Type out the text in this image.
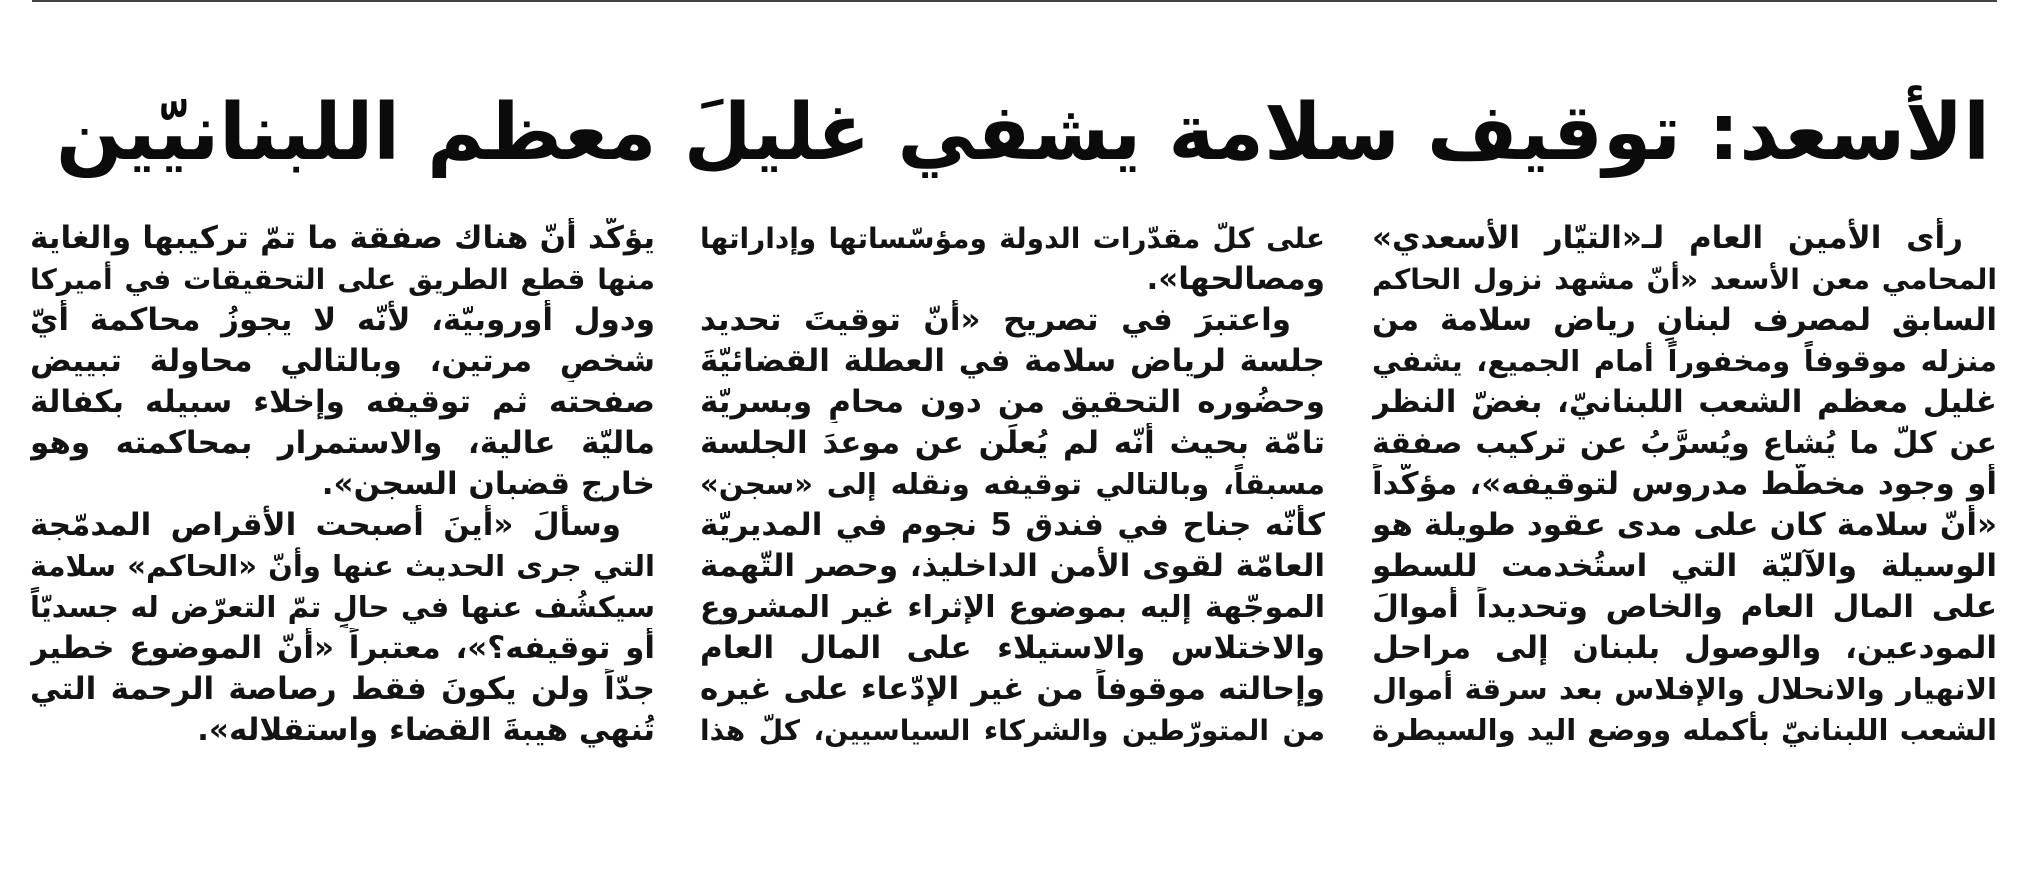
الأسعد: توقيف سلامة يشفي غليلَ معظم اللبنانيّين
رأى الأمين العام لـ«التيّار الأسعدي»
المحامي معن الأسعد «أنّ مشهد نزول الحاكم
السابق لمصرف لبنانٍ رياض سلامة من
منزله موقوفاً ومخفوراً أمام الجميع، يشفي
غليل معظم الشعب اللبنانيّ، بغضّ النظر
عن كلّ ما يُشاع ويُسرَّبُ عن تركيب صفقة
أو وجود مخطّط مدروس لتوقيفه»، مؤكّداً
«أنّ سلامة كان على مدى عقود طويلة هو
الوسيلة والآليّة التي استُخدمت للسطو
على المال العام والخاص وتحديداً أموالَ
المودعين، والوصول بلبنان إلى مراحل
الانهيار والانحلال والإفلاس بعد سرقة أموال
الشعب اللبنانيّ بأكمله ووضع اليد والسيطرة
على كلّ مقدّرات الدولة ومؤسّساتها وإداراتها
ومصالحها».
واعتبرَ في تصريح «أنّ توقيتَ تحديد
جلسة لرياض سلامة في العطلة القضائيّةَ
وحضُوره التحقيق من دون محامٍ وبسريّة
تامّة بحيث أنّه لم يُعلَن عن موعدَ الجلسة
مسبقاً، وبالتالي توقيفه ونقله إلى «سجن»
كأنّه جناح في فندق 5 نجوم في المديريّة
العامّة لقوى الأمن الداخليذ، وحصر التّهمة
الموجّهة إليه بموضوع الإثراء غير المشروع
والاختلاس والاستيلاء على المال العام
وإحالته موقوفاً من غير الإدّعاء على غيره
من المتورّطين والشركاء السياسيين، كلّ هذا
يؤكّد أنّ هناك صفقة ما تمّ تركيبها والغاية
منها قطع الطريق على التحقيقات في أميركا
ودول أوروبيّة، لأنّه لا يجوزُ محاكمة أيّ
شخصٍ مرتين، وبالتالي محاولة تبييض
صفحته ثم توقيفه وإخلاء سبيله بكفالة
ماليّة عالية، والاستمرار بمحاكمته وهو
خارج قضبان السجن».
وسألَ «أينَ أصبحت الأقراص المدمّجة
التي جرى الحديث عنها وأنّ «الحاكم» سلامة
سيكشُف عنها في حالٍ تمّ التعرّض له جسديّاً
أو توقيفه؟»، معتبراً «أنّ الموضوع خطير
جدّاً ولن يكونَ فقط رصاصة الرحمة التي
تُنهي هيبةَ القضاء واستقلاله».
